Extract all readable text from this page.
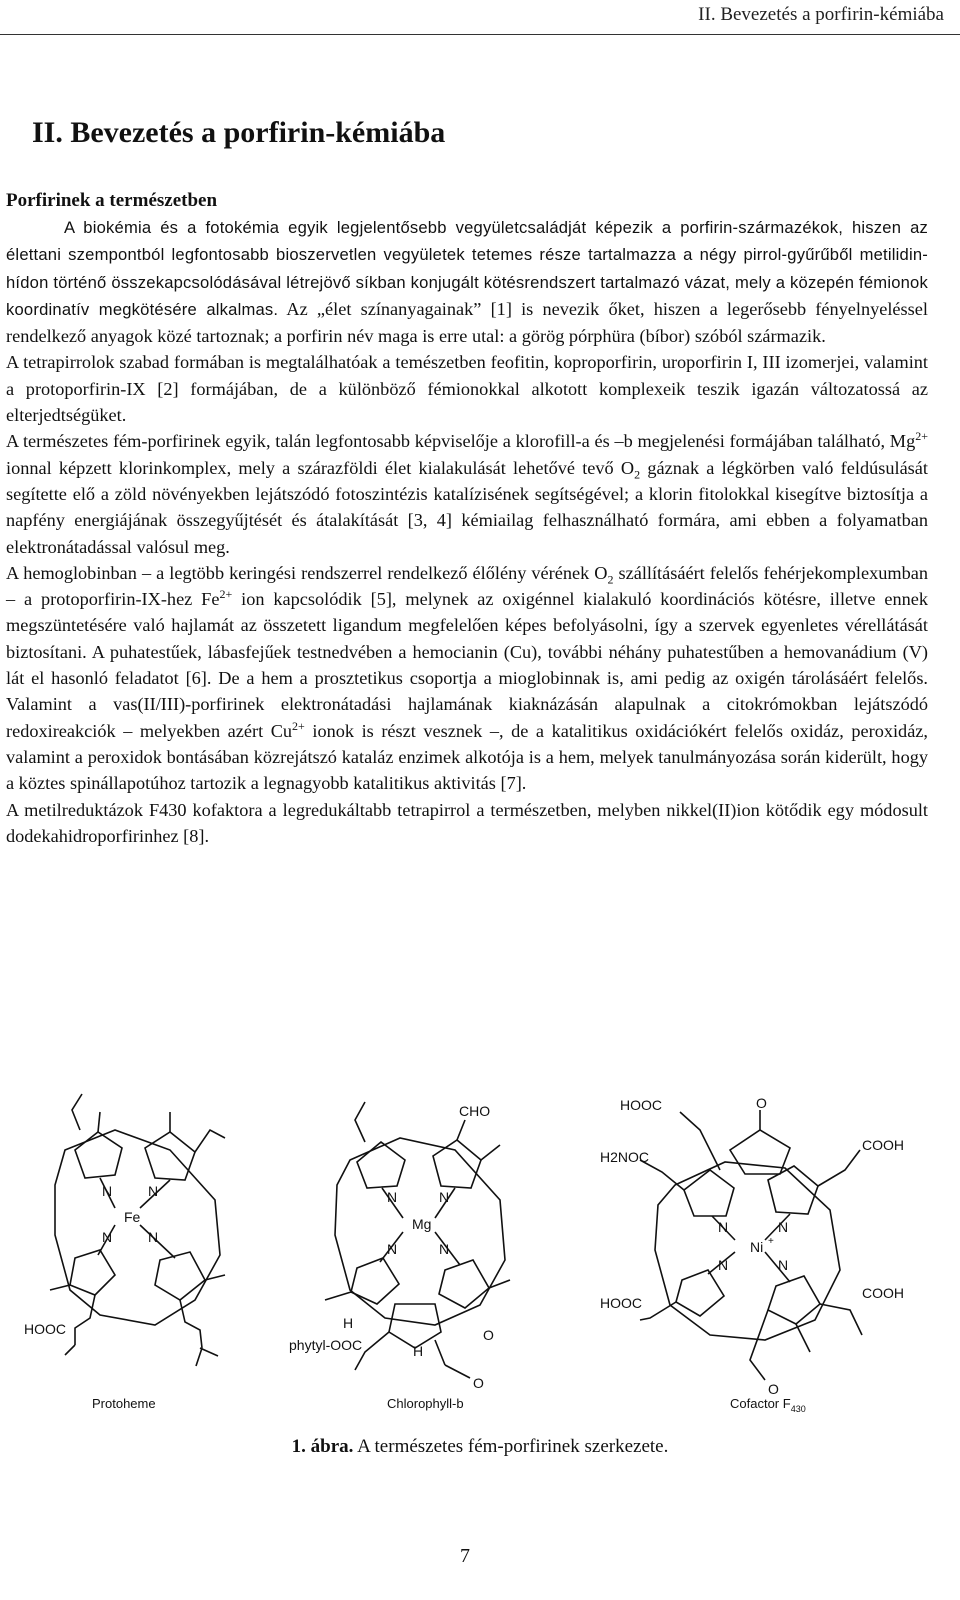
II. Bevezetés a porfirin-kémiába
II. Bevezetés a porfirin-kémiába
Porfirinek a természetben

A biokémia és a fotokémia egyik legjelentősebb vegyületcsaládját képezik a porfirin-származékok, hiszen az élettani szempontból legfontosabb bioszervetlen vegyületek tetemes része tartalmazza a négy pirrol-gyűrűből metilidin-hídon történő összekapcsolódásával létrejövő síkban konjugált kötésrendszert tartalmazó vázat, mely a közepén fémionok koordinatív megkötésére alkalmas. Az „élet színanyagainak” [1] is nevezik őket, hiszen a legerősebb fényelnyeléssel rendelkező anyagok közé tartoznak; a porfirin név maga is erre utal: a görög pórphüra (bíbor) szóból származik.

A tetrapirrolok szabad formában is megtalálhatóak a temészetben feofitin, koproporfirin, uroporfirin I, III izomerjei, valamint a protoporfirin-IX [2] formájában, de a különböző fémionokkal alkotott komplexeik teszik igazán változatossá az elterjedtségüket.

A természetes fém-porfirinek egyik, talán legfontosabb képviselője a klorofill-a és –b megjelenési formájában található, $Mg^{2+}$ ionnal képzett klorinkomplex, mely a szárazföldi élet kialakulását lehetővé tevő $O_2$ gáznak a légkörben való feldúsulását segítette elő a zöld növényekben lejátszódó fotoszintézis katalízisének segítségével; a klorin fitolokkal kisegítve biztosítja a napfény energiájának összegyűjtését és átalakítását [3, 4] kémiailag felhasználható formára, ami ebben a folyamatban elektronátadással valósul meg.

A hemoglobinban – a legtöbb keringési rendszerrel rendelkező élőlény vérének $O_2$ szállításáért felelős fehérjekomplexumban – a protoporfirin-IX-hez $Fe^{2+}$ ion kapcsolódik [5], melynek az oxigénnel kialakuló koordinációs kötésre, illetve ennek megszüntetésére való hajlamát az összetett ligandum megfelelően képes befolyásolni, így a szervek egyenletes vérellátását biztosítani. A puhatestűek, lábasfejűek testnedvében a hemocianin (Cu), további néhány puhatestűben a hemovanádium (V) lát el hasonló feladatot [6]. De a hem a prosztetikus csoportja a mioglobinnak is, ami pedig az oxigén tárolásáért felelős. Valamint a vas(II/III)-porfirinek elektronátadási hajlamának kiaknázásán alapulnak a citokrómokban lejátszódó redoxireakciók – melyekben azért $Cu^{2+}$ ionok is részt vesznek –, de a katalitikus oxidációkért felelős oxidáz, peroxidáz, valamint a peroxidok bontásában közrejátszó kataláz enzimek alkotója is a hem, melyek tanulmányozása során kiderült, hogy a köztes spinállapotúhoz tartozik a legnagyobb katalitikus aktivitás [7].

A metilreduktázok F430 kofaktora a legredukáltabb tetrapirrol a természetben, melyben nikkel(II)ion kötődik egy módosult dodekahidroporfirinhez [8].

Fe
N	N
N	N
HOOC
Protoheme
Mg
N	N
N	N
CHO
H
H
O
O
phytyl-OOC
Chlorophyll-b
Ni +
N	N
N	N
O
HOOC
H2NOC
COOH
HOOC
COOH
O
Cofactor $F_{430}$
1. ábra. A természetes fém-porfirinek szerkezete.
7
